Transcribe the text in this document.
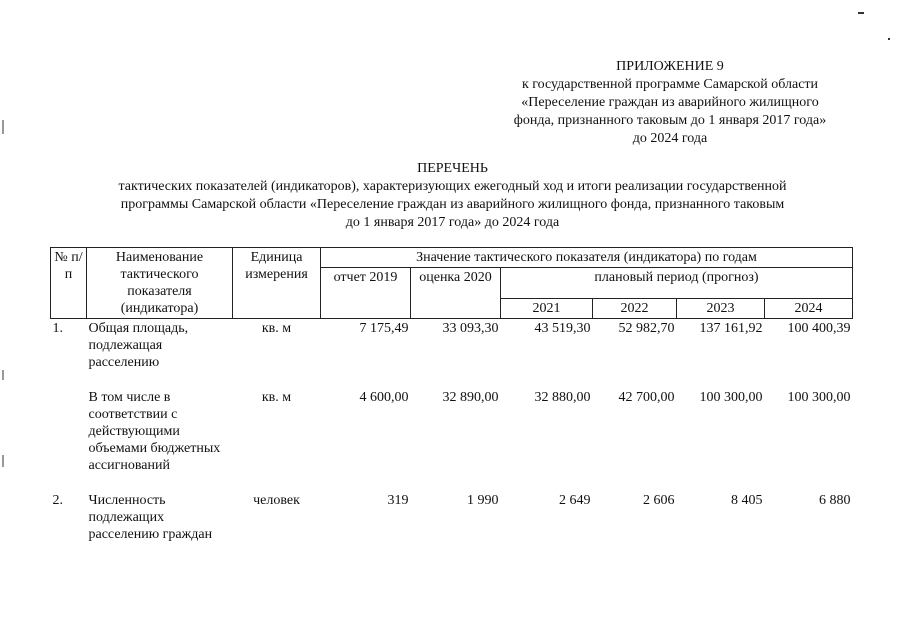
ПРИЛОЖЕНИЕ 9
к государственной программе Самарской области
«Переселение граждан из аварийного жилищного
фонда, признанного таковым до 1 января 2017 года»
до 2024 года
ПЕРЕЧЕНЬ
тактических показателей (индикаторов), характеризующих ежегодный ход и итоги реализации государственной
программы Самарской области «Переселение граждан из аварийного жилищного фонда, признанного таковым
до 1 января 2017 года» до 2024 года
№ п/п	Наименование тактического показателя (индикатора)	Единица измерения	Значение тактического показателя (индикатора) по годам					
			отчет 2019	оценка 2020	плановый период (прогноз)			
					2021	2022	2023	2024
1.	Общая площадь, подлежащая расселению	кв. м	7 175,49	33 093,30	43 519,30	52 982,70	137 161,92	100 400,39

	В том числе в соответствии с действующими объемами бюджетных ассигнований	кв. м	4 600,00	32 890,00	32 880,00	42 700,00	100 300,00	100 300,00

2.	Численность подлежащих расселению граждан	человек	319	1 990	2 649	2 606	8 405	6 880
